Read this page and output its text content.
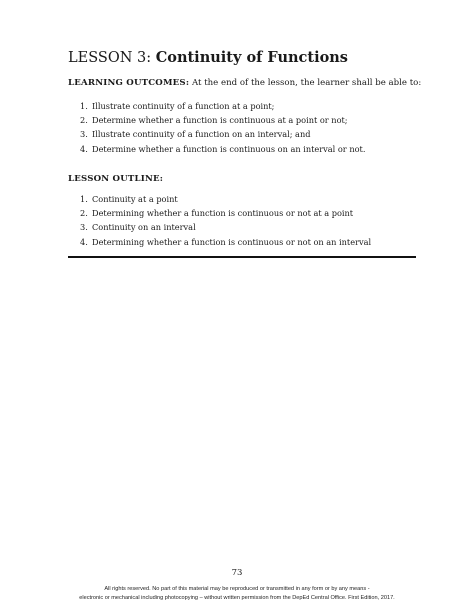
LESSON 3: Continuity of Functions
LEARNING OUTCOMES: At the end of the lesson, the learner shall be able to:
1. Illustrate continuity of a function at a point;
2. Determine whether a function is continuous at a point or not;
3. Illustrate continuity of a function on an interval; and
4. Determine whether a function is continuous on an interval or not.
LESSON OUTLINE:
1. Continuity at a point
2. Determining whether a function is continuous or not at a point
3. Continuity on an interval
4. Determining whether a function is continuous or not on an interval
73
All rights reserved. No part of this material may be reproduced or transmitted in any form or by any means -
electronic or mechanical including photocopying – without written permission from the DepEd Central Office. First Edition, 2017.
